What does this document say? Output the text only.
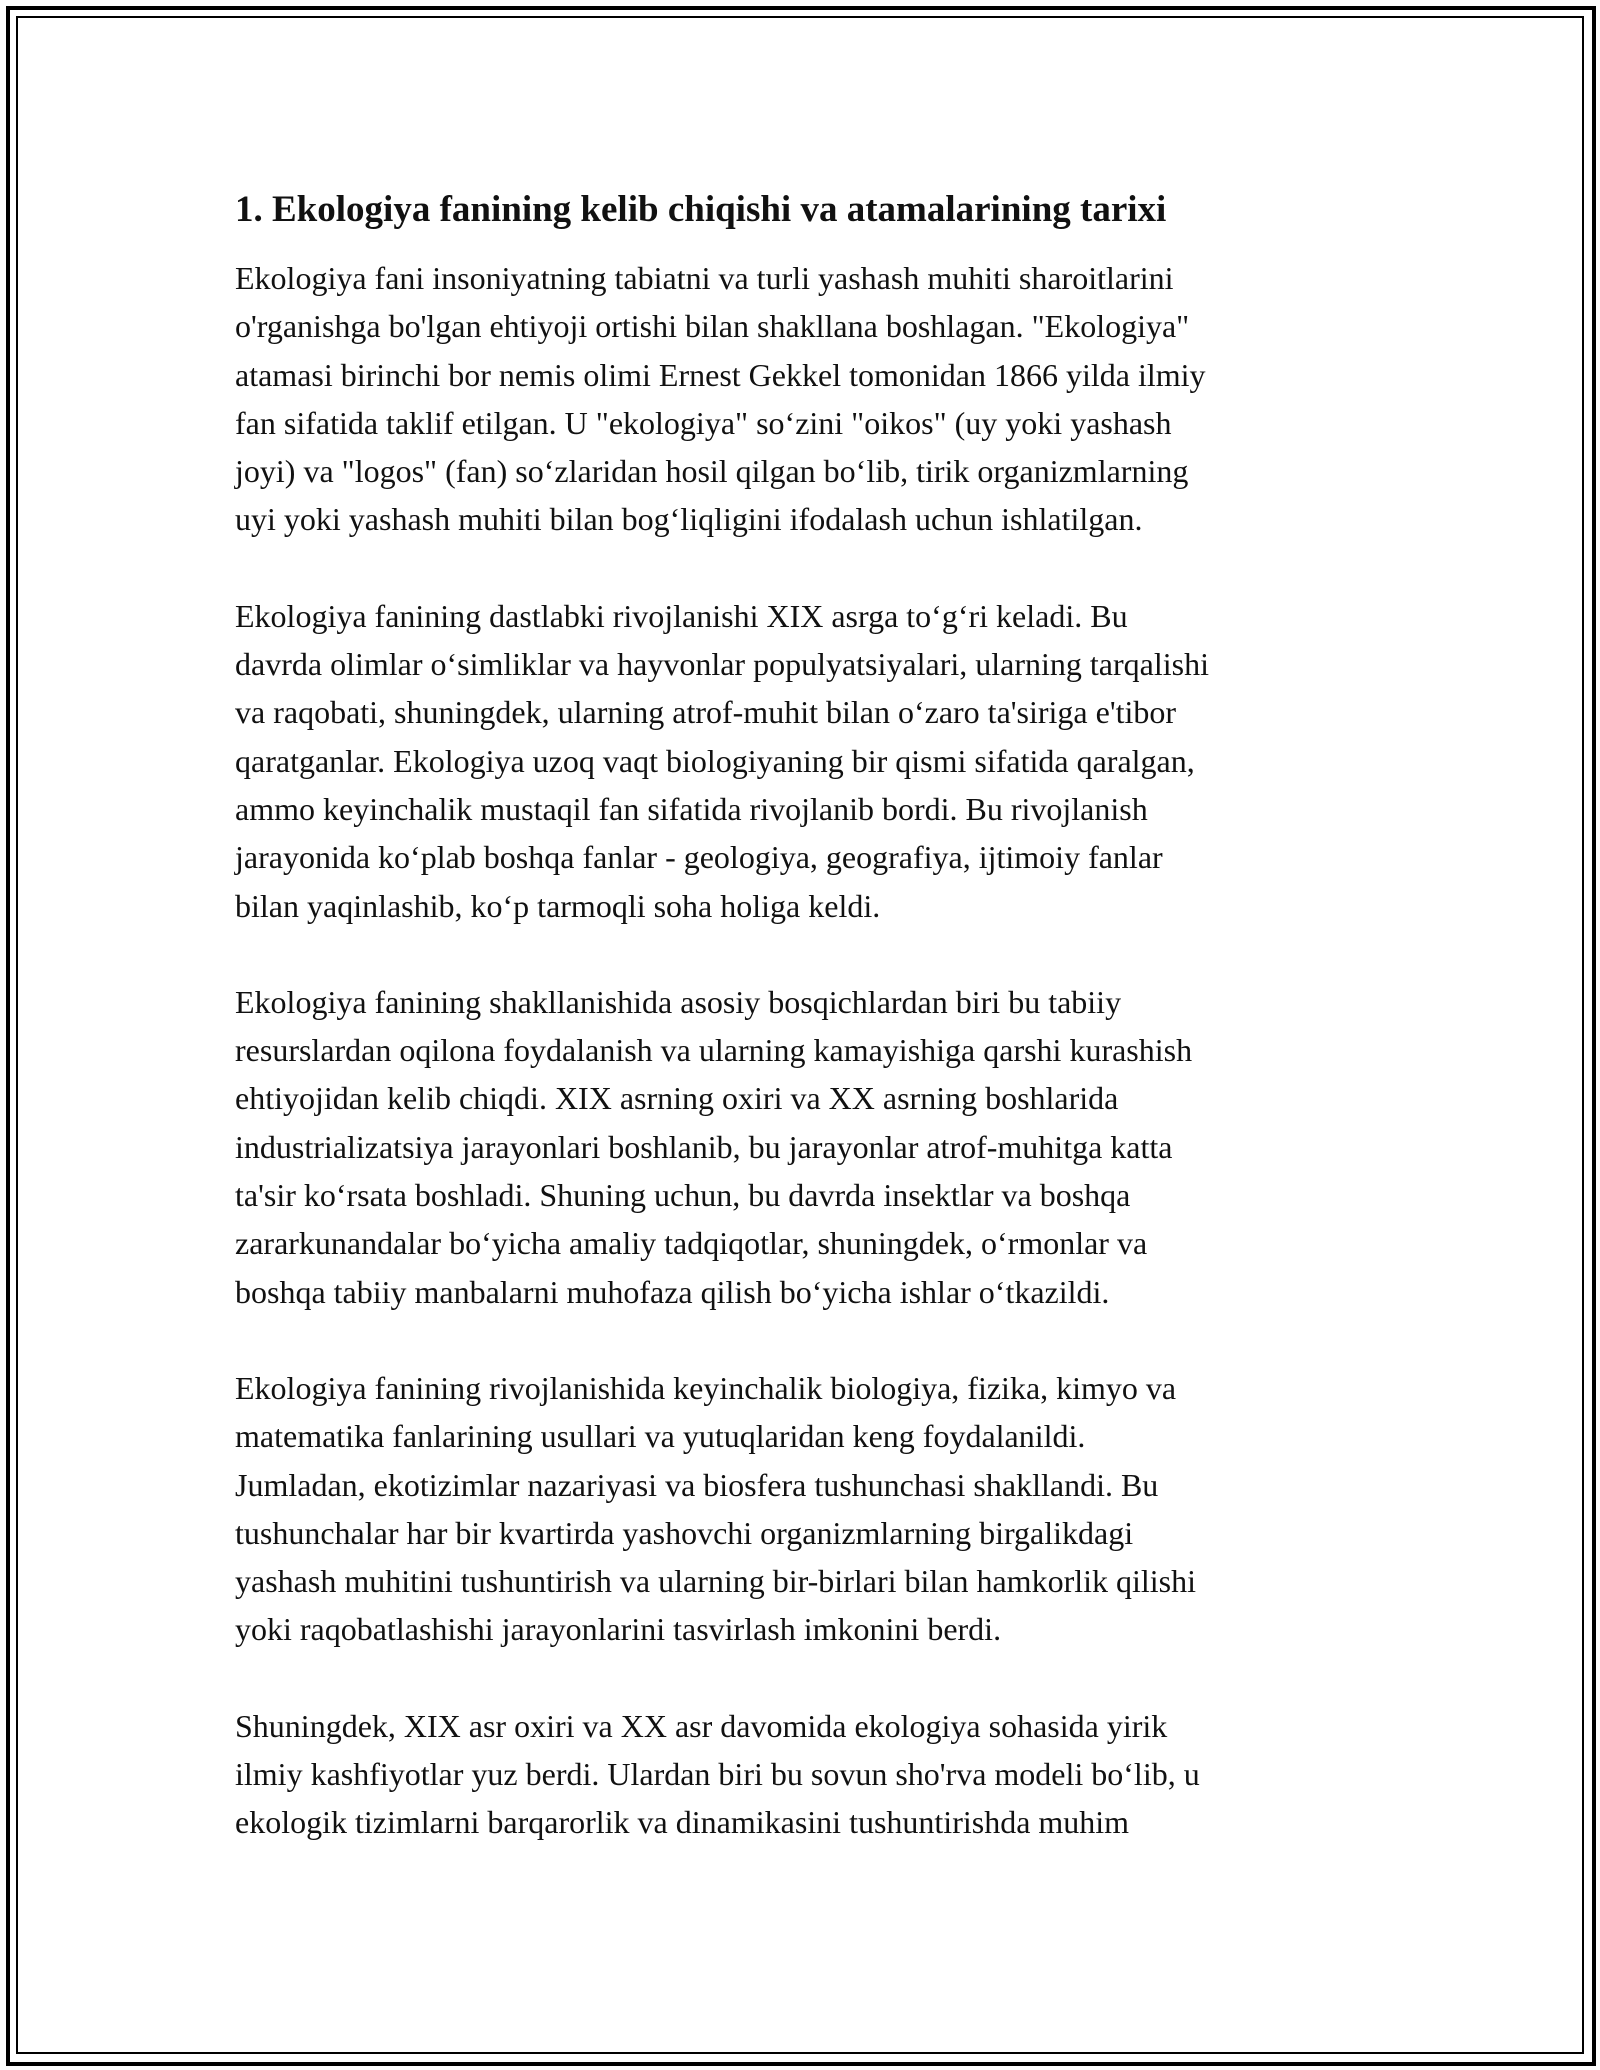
1. Ekologiya fanining kelib chiqishi va atamalarining tarixi

Ekologiya fani insoniyatning tabiatni va turli yashash muhiti sharoitlarini
o'rganishga bo'lgan ehtiyoji ortishi bilan shakllana boshlagan. "Ekologiya"
atamasi birinchi bor nemis olimi Ernest Gekkel tomonidan 1866 yilda ilmiy
fan sifatida taklif etilgan. U "ekologiya" soʻzini "oikos" (uy yoki yashash
joyi) va "logos" (fan) soʻzlaridan hosil qilgan boʻlib, tirik organizmlarning
uyi yoki yashash muhiti bilan bogʻliqligini ifodalash uchun ishlatilgan.

Ekologiya fanining dastlabki rivojlanishi XIX asrga toʻgʻri keladi. Bu
davrda olimlar oʻsimliklar va hayvonlar populyatsiyalari, ularning tarqalishi
va raqobati, shuningdek, ularning atrof-muhit bilan oʻzaro ta'siriga e'tibor
qaratganlar. Ekologiya uzoq vaqt biologiyaning bir qismi sifatida qaralgan,
ammo keyinchalik mustaqil fan sifatida rivojlanib bordi. Bu rivojlanish
jarayonida koʻplab boshqa fanlar - geologiya, geografiya, ijtimoiy fanlar
bilan yaqinlashib, koʻp tarmoqli soha holiga keldi.

Ekologiya fanining shakllanishida asosiy bosqichlardan biri bu tabiiy
resurslardan oqilona foydalanish va ularning kamayishiga qarshi kurashish
ehtiyojidan kelib chiqdi. XIX asrning oxiri va XX asrning boshlarida
industrializatsiya jarayonlari boshlanib, bu jarayonlar atrof-muhitga katta
ta'sir koʻrsata boshladi. Shuning uchun, bu davrda insektlar va boshqa
zararkunandalar boʻyicha amaliy tadqiqotlar, shuningdek, oʻrmonlar va
boshqa tabiiy manbalarni muhofaza qilish boʻyicha ishlar oʻtkazildi.

Ekologiya fanining rivojlanishida keyinchalik biologiya, fizika, kimyo va
matematika fanlarining usullari va yutuqlaridan keng foydalanildi.
Jumladan, ekotizimlar nazariyasi va biosfera tushunchasi shakllandi. Bu
tushunchalar har bir kvartirda yashovchi organizmlarning birgalikdagi
yashash muhitini tushuntirish va ularning bir-birlari bilan hamkorlik qilishi
yoki raqobatlashishi jarayonlarini tasvirlash imkonini berdi.

Shuningdek, XIX asr oxiri va XX asr davomida ekologiya sohasida yirik
ilmiy kashfiyotlar yuz berdi. Ulardan biri bu sovun sho'rva modeli boʻlib, u
ekologik tizimlarni barqarorlik va dinamikasini tushuntirishda muhim
